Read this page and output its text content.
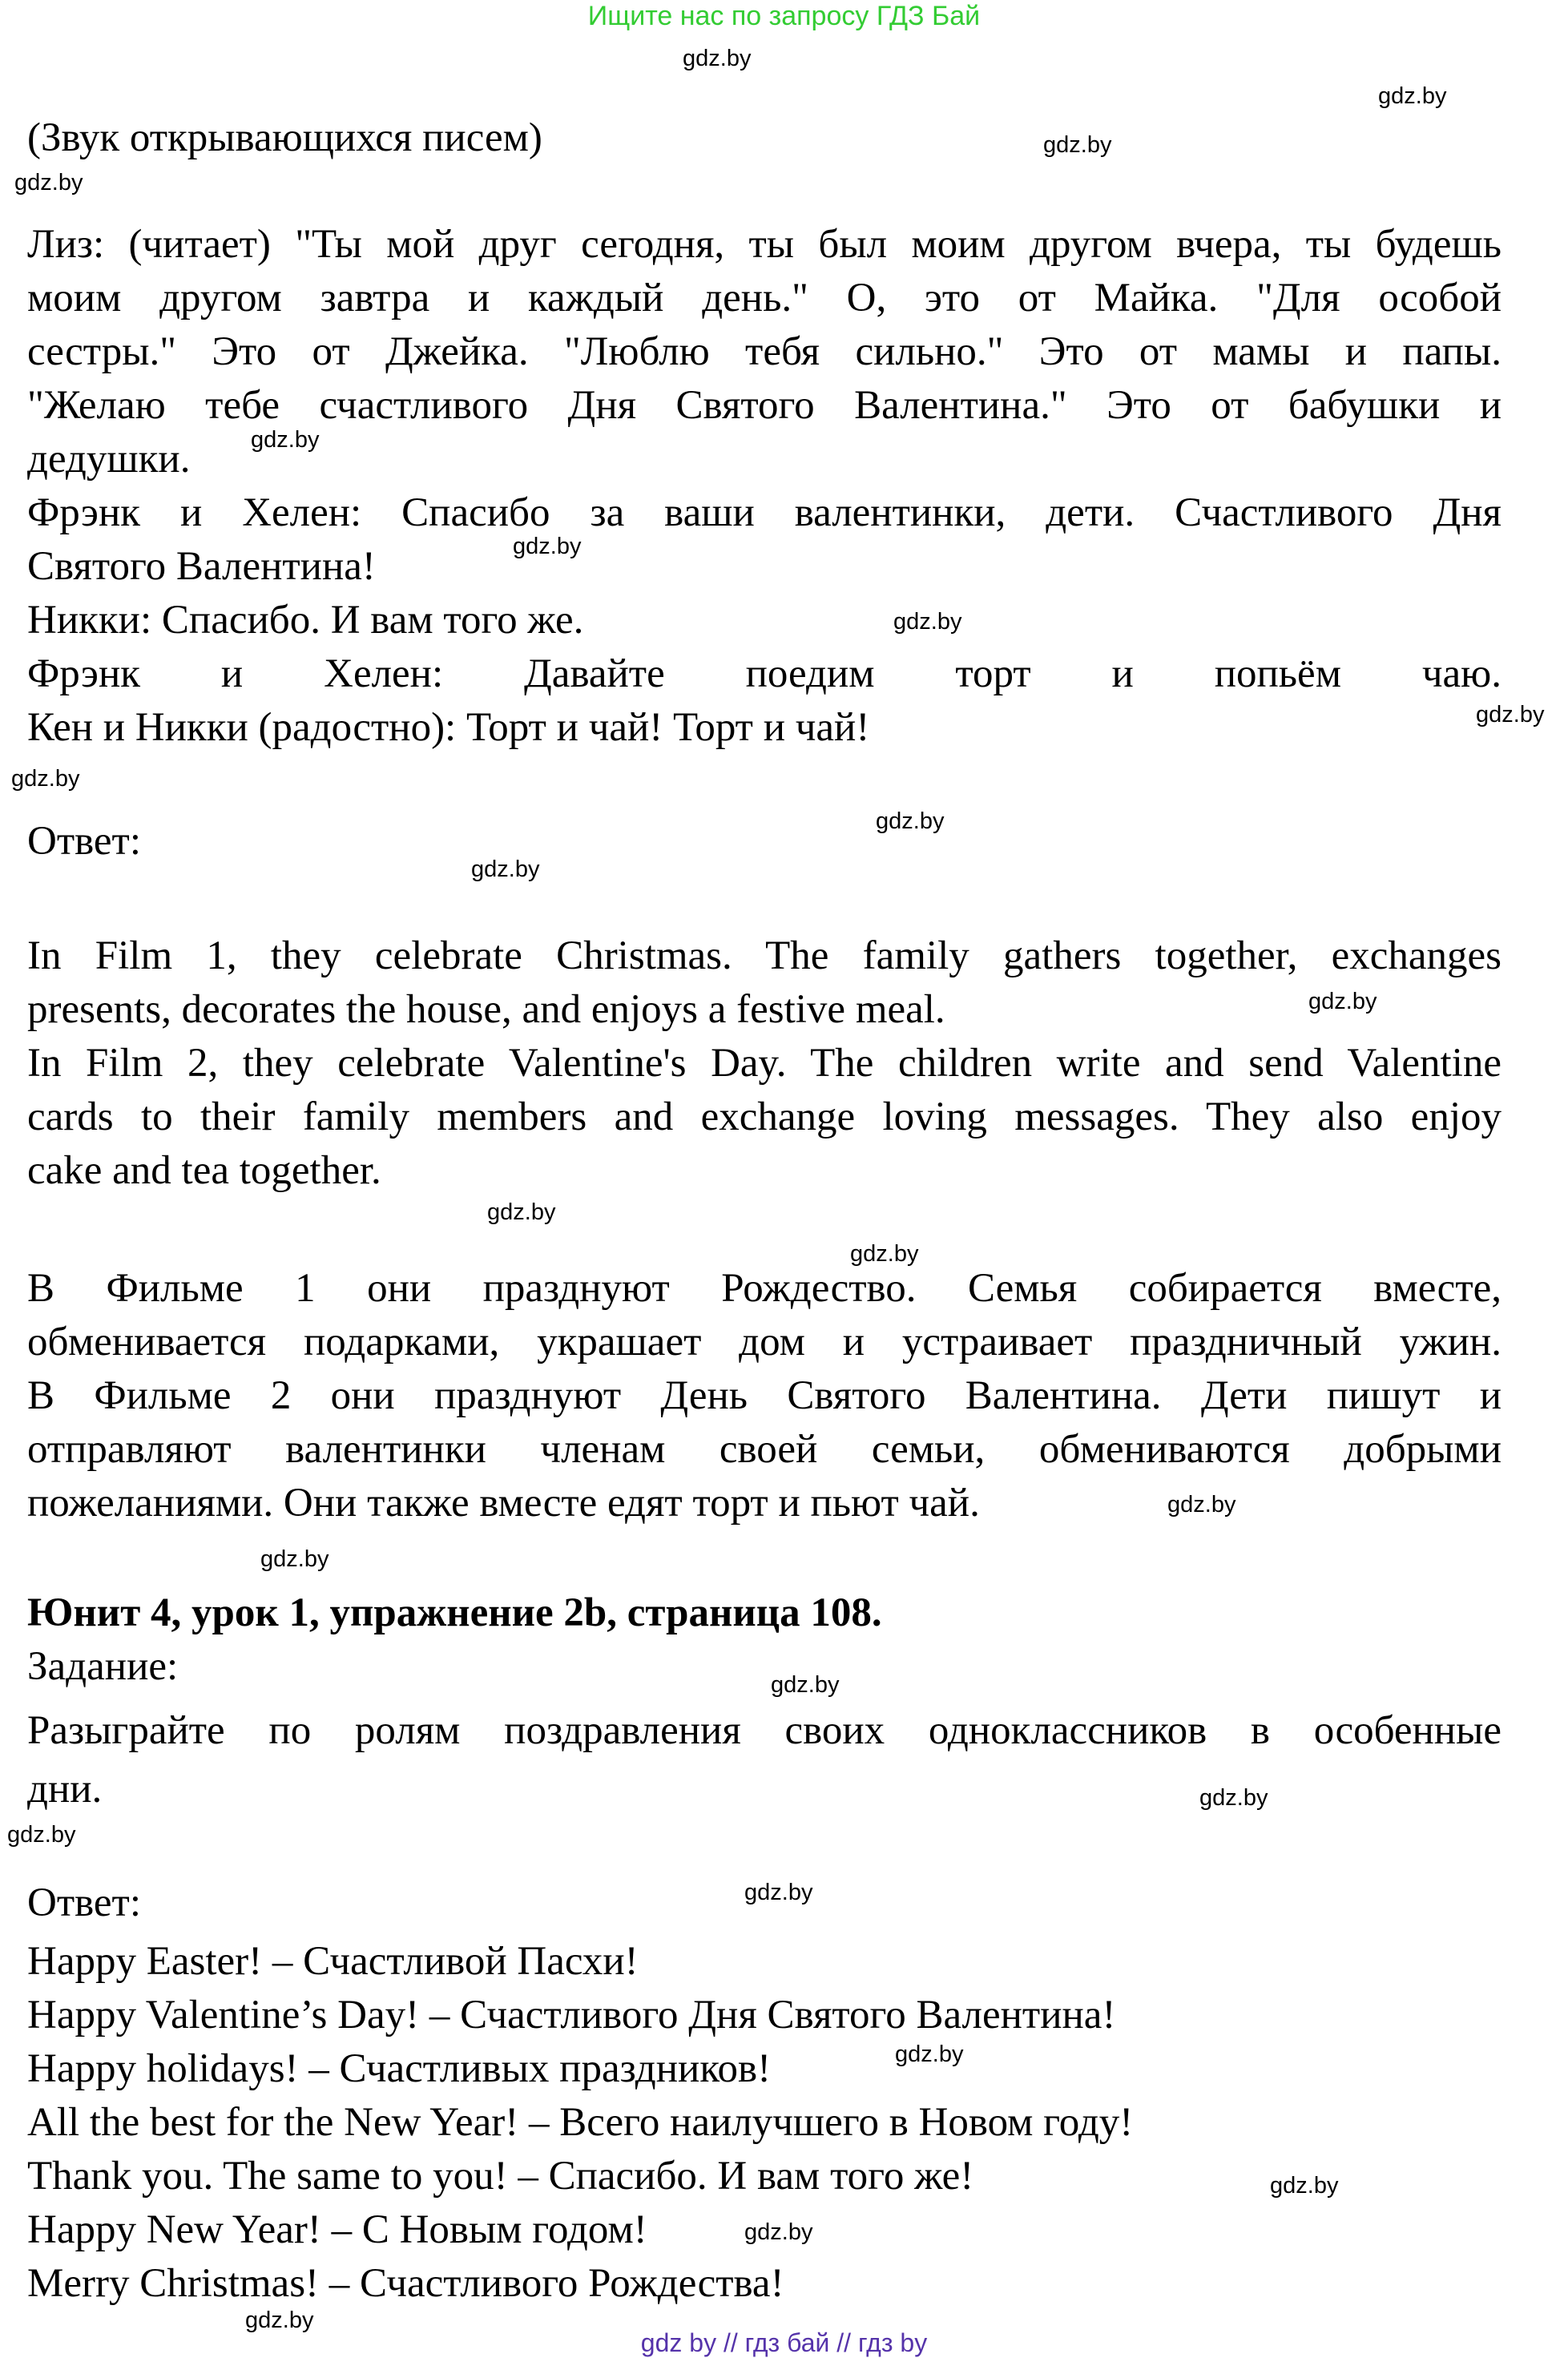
Ищите нас по запросу ГДЗ Бай
gdz.by
gdz.by
gdz.by
gdz.by
gdz.by
gdz.by
gdz.by
gdz.by
gdz.by
gdz.by
gdz.by
gdz.by
gdz.by
gdz.by
gdz.by
gdz.by
gdz.by
gdz.by
gdz.by
gdz.by
gdz.by
gdz.by
gdz.by
gdz.by
(Звук открывающихся писем)
Лиз: (читает) "Ты мой друг сегодня, ты был моим другом вчера, ты будешь
моим другом завтра и каждый день." О, это от Майка. "Для особой
сестры." Это от Джейка. "Люблю тебя сильно." Это от мамы и папы.
"Желаю тебе счастливого Дня Святого Валентина." Это от бабушки и
дедушки.
Фрэнк и Хелен: Спасибо за ваши валентинки, дети. Счастливого Дня
Святого Валентина!
Никки: Спасибо. И вам того же.
Фрэнк и Хелен: Давайте поедим торт и попьём чаю.
Кен и Никки (радостно): Торт и чай! Торт и чай!
Ответ:
In Film 1, they celebrate Christmas. The family gathers together, exchanges
presents, decorates the house, and enjoys a festive meal.
In Film 2, they celebrate Valentine's Day. The children write and send Valentine
cards to their family members and exchange loving messages. They also enjoy
cake and tea together.
В Фильме 1 они празднуют Рождество. Семья собирается вместе,
обменивается подарками, украшает дом и устраивает праздничный ужин.
В Фильме 2 они празднуют День Святого Валентина. Дети пишут и
отправляют валентинки членам своей семьи, обмениваются добрыми
пожеланиями. Они также вместе едят торт и пьют чай.
Юнит 4, урок 1, упражнение 2b, страница 108.
Задание:
Разыграйте по ролям поздравления своих одноклассников в особенные
дни.
Ответ:
Happy Easter! – Счастливой Пасхи!
Happy Valentine’s Day! – Счастливого Дня Святого Валентина!
Happy holidays! – Счастливых праздников!
All the best for the New Year! – Всего наилучшего в Новом году!
Thank you. The same to you! – Спасибо. И вам того же!
Happy New Year! – С Новым годом!
Merry Christmas! – Счастливого Рождества!
gdz by // гдз бай // гдз by
